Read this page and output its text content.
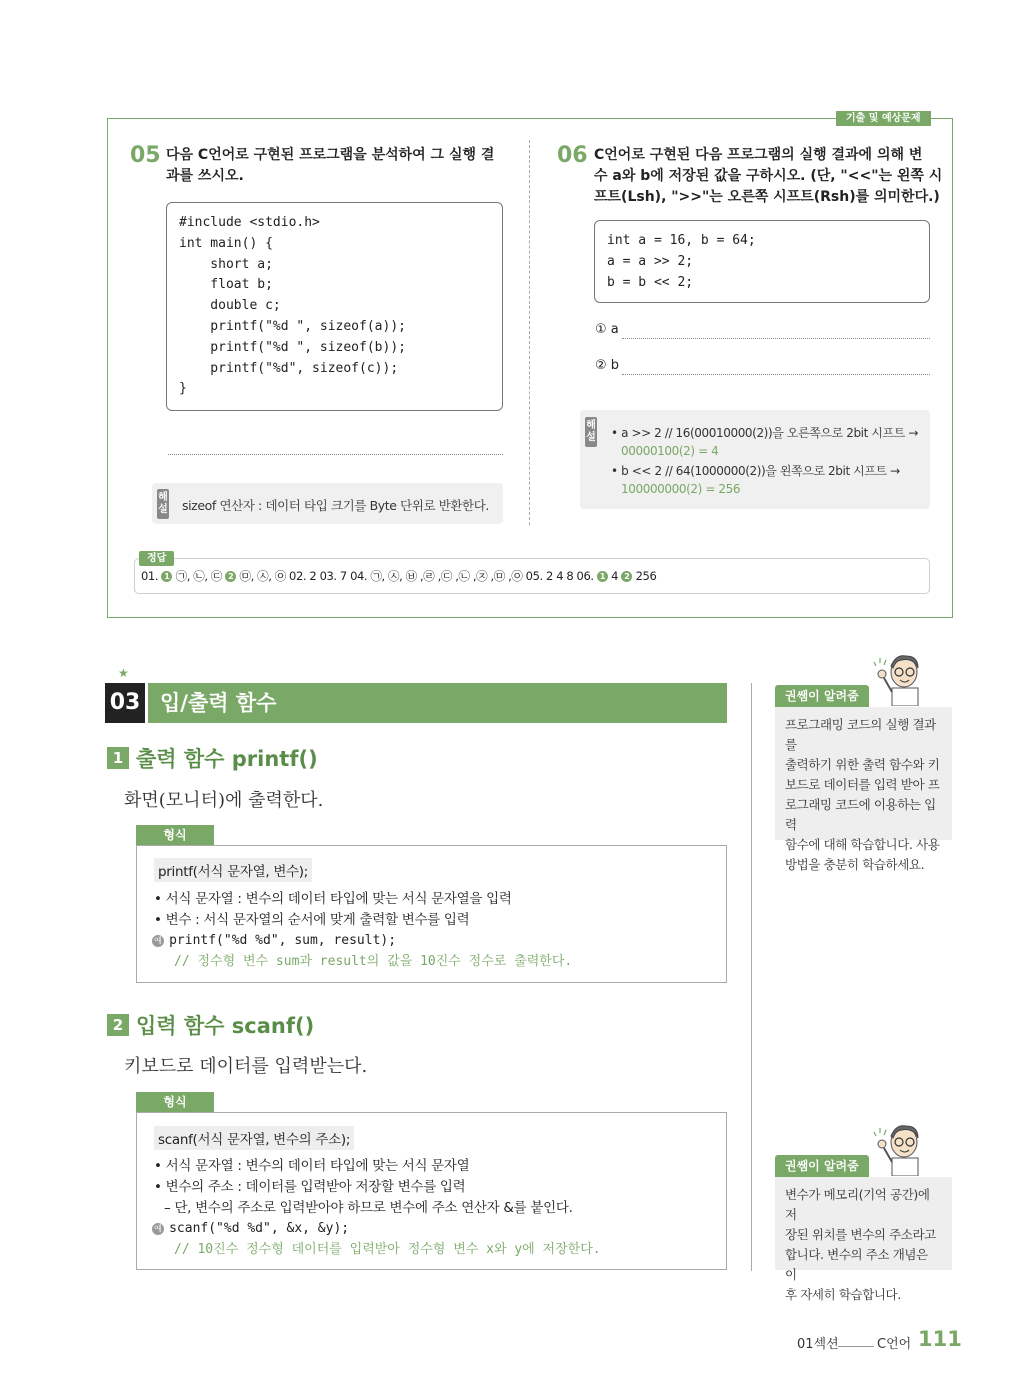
기출 및 예상문제
05 다음 C언어로 구현된 프로그램을 분석하여 그 실행 결
과를 쓰시오.
#include <stdio.h>
int main() {
short a;
float b;
double c;
printf("%d ", sizeof(a));
printf("%d ", sizeof(b));
printf("%d", sizeof(c));
}
해설 sizeof 연산자 : 데이터 타입 크기를 Byte 단위로 반환한다.
06 C언어로 구현된 다음 프로그램의 실행 결과에 의해 변
수 a와 b에 저장된 값을 구하시오. (단, "<<"는 왼쪽 시
프트(Lsh), ">>"는 오른쪽 시프트(Rsh)를 의미한다.)
int a = 16, b = 64;
a = a >> 2;
b = b << 2;
① a
② b
해설 • a >> 2 // 16(00010000(2))을 오른쪽으로 2bit 시프트 →
00000100(2) = 4
• b << 2 // 64(1000000(2))을 왼쪽으로 2bit 시프트 →
100000000(2) = 256
정답
01. 1 ㉠, ㉡, ㉢ 2 ㉤, ㉦, ㉧ 02. 2 03. 7 04. ㉠, ㉦, ㉥ ,㉣ ,㉢ ,㉡ ,㉨ ,㉤ ,㉧ 05. 2 4 8 06. 1 4 2 256
★
03 입/출력 함수
1 출력 함수 printf()
화면(모니터)에 출력한다.
형식
printf(서식 문자열, 변수);
• 서식 문자열 : 변수의 데이터 타입에 맞는 서식 문자열을 입력
• 변수 : 서식 문자열의 순서에 맞게 출력할 변수를 입력
예 printf("%d %d", sum, result);
// 정수형 변수 sum과 result의 값을 10진수 정수로 출력한다.
2 입력 함수 scanf()
키보드로 데이터를 입력받는다.
형식
scanf(서식 문자열, 변수의 주소);
• 서식 문자열 : 변수의 데이터 타입에 맞는 서식 문자열
• 변수의 주소 : 데이터를 입력받아 저장할 변수를 입력
– 단, 변수의 주소로 입력받아야 하므로 변수에 주소 연산자 &를 붙인다.
예 scanf("%d %d", &x, &y);
// 10진수 정수형 데이터를 입력받아 정수형 변수 x와 y에 저장한다.
권쌤이 알려줌
프로그래밍 코드의 실행 결과를
출력하기 위한 출력 함수와 키
보드로 데이터를 입력 받아 프
로그래밍 코드에 이용하는 입력
함수에 대해 학습합니다. 사용
방법을 충분히 학습하세요.
권쌤이 알려줌
변수가 메모리(기억 공간)에 저
장된 위치를 변수의 주소라고
합니다. 변수의 주소 개념은 이
후 자세히 학습합니다.
01섹션	C언어 111
